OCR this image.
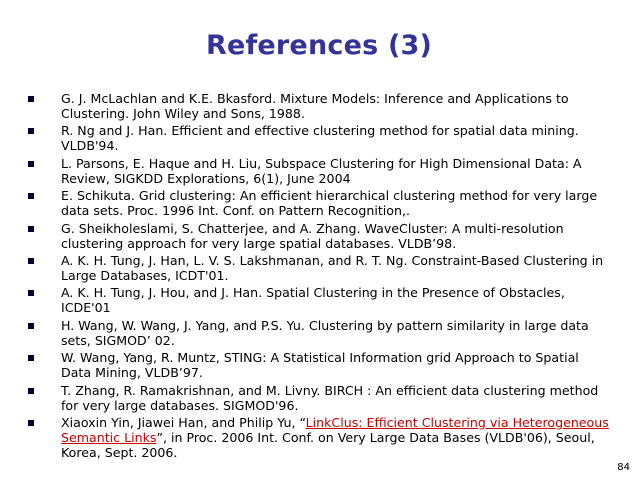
References (3)
G. J. McLachlan and K.E. Bkasford. Mixture Models: Inference and Applications to Clustering. John Wiley and Sons, 1988.
R. Ng and J. Han. Efficient and effective clustering method for spatial data mining. VLDB'94.
L. Parsons, E. Haque and H. Liu, Subspace Clustering for High Dimensional Data: A Review, SIGKDD Explorations, 6(1), June 2004
E. Schikuta. Grid clustering: An efficient hierarchical clustering method for very large data sets. Proc. 1996 Int. Conf. on Pattern Recognition,.
G. Sheikholeslami, S. Chatterjee, and A. Zhang. WaveCluster: A multi-resolution clustering approach for very large spatial databases. VLDB’98.
A. K. H. Tung, J. Han, L. V. S. Lakshmanan, and R. T. Ng. Constraint-Based Clustering in Large Databases, ICDT'01.
A. K. H. Tung, J. Hou, and J. Han. Spatial Clustering in the Presence of Obstacles, ICDE'01
H. Wang, W. Wang, J. Yang, and P.S. Yu. Clustering by pattern similarity in large data sets, SIGMOD’ 02.
W. Wang, Yang, R. Muntz, STING: A Statistical Information grid Approach to Spatial Data Mining, VLDB’97.
T. Zhang, R. Ramakrishnan, and M. Livny. BIRCH : An efficient data clustering method for very large databases. SIGMOD'96.
Xiaoxin Yin, Jiawei Han, and Philip Yu, “LinkClus: Efficient Clustering via Heterogeneous Semantic Links”, in Proc. 2006 Int. Conf. on Very Large Data Bases (VLDB'06), Seoul, Korea, Sept. 2006.
84
